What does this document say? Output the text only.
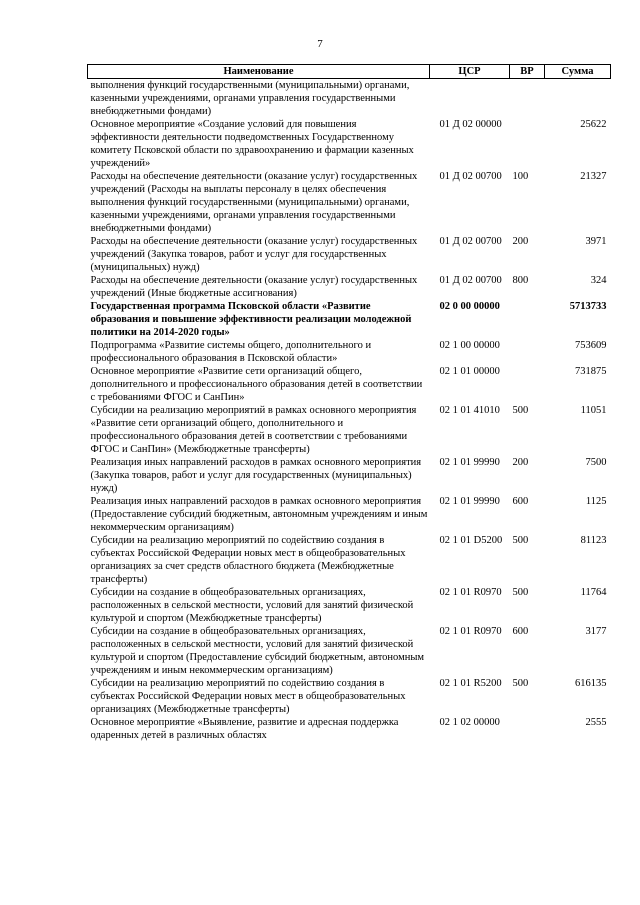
7
Наименование	ЦСР	ВР	Сумма
выполнения функций государственными (муниципальными) органами, казенными учреждениями, органами управления государственными внебюджетными фондами)			
Основное мероприятие «Создание условий для повышения эффективности деятельности подведомственных Государственному комитету Псковской области по здравоохранению и фармации казенных учреждений»	01 Д 02 00000		25622
Расходы на обеспечение деятельности (оказание услуг) государственных учреждений (Расходы на выплаты персоналу в целях обеспечения выполнения функций государственными (муниципальными) органами, казенными учреждениями, органами управления государственными внебюджетными фондами)	01 Д 02 00700	100	21327
Расходы на обеспечение деятельности (оказание услуг) государственных учреждений (Закупка товаров, работ и услуг для государственных (муниципальных) нужд)	01 Д 02 00700	200	3971
Расходы на обеспечение деятельности (оказание услуг) государственных учреждений (Иные бюджетные ассигнования)	01 Д 02 00700	800	324
Государственная программа Псковской области «Развитие образования и повышение эффективности реализации молодежной политики на 2014-2020 годы»	02 0 00 00000		5713733
Подпрограмма «Развитие системы общего, дополнительного и профессионального образования в Псковской области»	02 1 00 00000		753609
Основное мероприятие «Развитие сети организаций общего, дополнительного и профессионального образования детей в соответствии с требованиями ФГОС и СанПин»	02 1 01 00000		731875
Субсидии на реализацию мероприятий в рамках основного мероприятия «Развитие сети организаций общего, дополнительного и профессионального образования детей в соответствии с требованиями ФГОС и СанПин» (Межбюджетные трансферты)	02 1 01 41010	500	11051
Реализация иных направлений расходов в рамках основного мероприятия (Закупка товаров, работ и услуг для государственных (муниципальных) нужд)	02 1 01 99990	200	7500
Реализация иных направлений расходов в рамках основного мероприятия (Предоставление субсидий бюджетным, автономным учреждениям и иным некоммерческим организациям)	02 1 01 99990	600	1125
Субсидии на реализацию мероприятий по содействию создания в субъектах Российской Федерации новых мест в общеобразовательных организациях за счет средств областного бюджета (Межбюджетные трансферты)	02 1 01 D5200	500	81123
Субсидии на создание в общеобразовательных организациях, расположенных в сельской местности, условий для занятий физической культурой и спортом (Межбюджетные трансферты)	02 1 01 R0970	500	11764
Субсидии на создание в общеобразовательных организациях, расположенных в сельской местности, условий для занятий физической культурой и спортом (Предоставление субсидий бюджетным, автономным учреждениям и иным некоммерческим организациям)	02 1 01 R0970	600	3177
Субсидии на реализацию мероприятий по содействию создания в субъектах Российской Федерации новых мест в общеобразовательных организациях (Межбюджетные трансферты)	02 1 01 R5200	500	616135
Основное мероприятие «Выявление, развитие и адресная поддержка одаренных детей в различных областях	02 1 02 00000		2555
